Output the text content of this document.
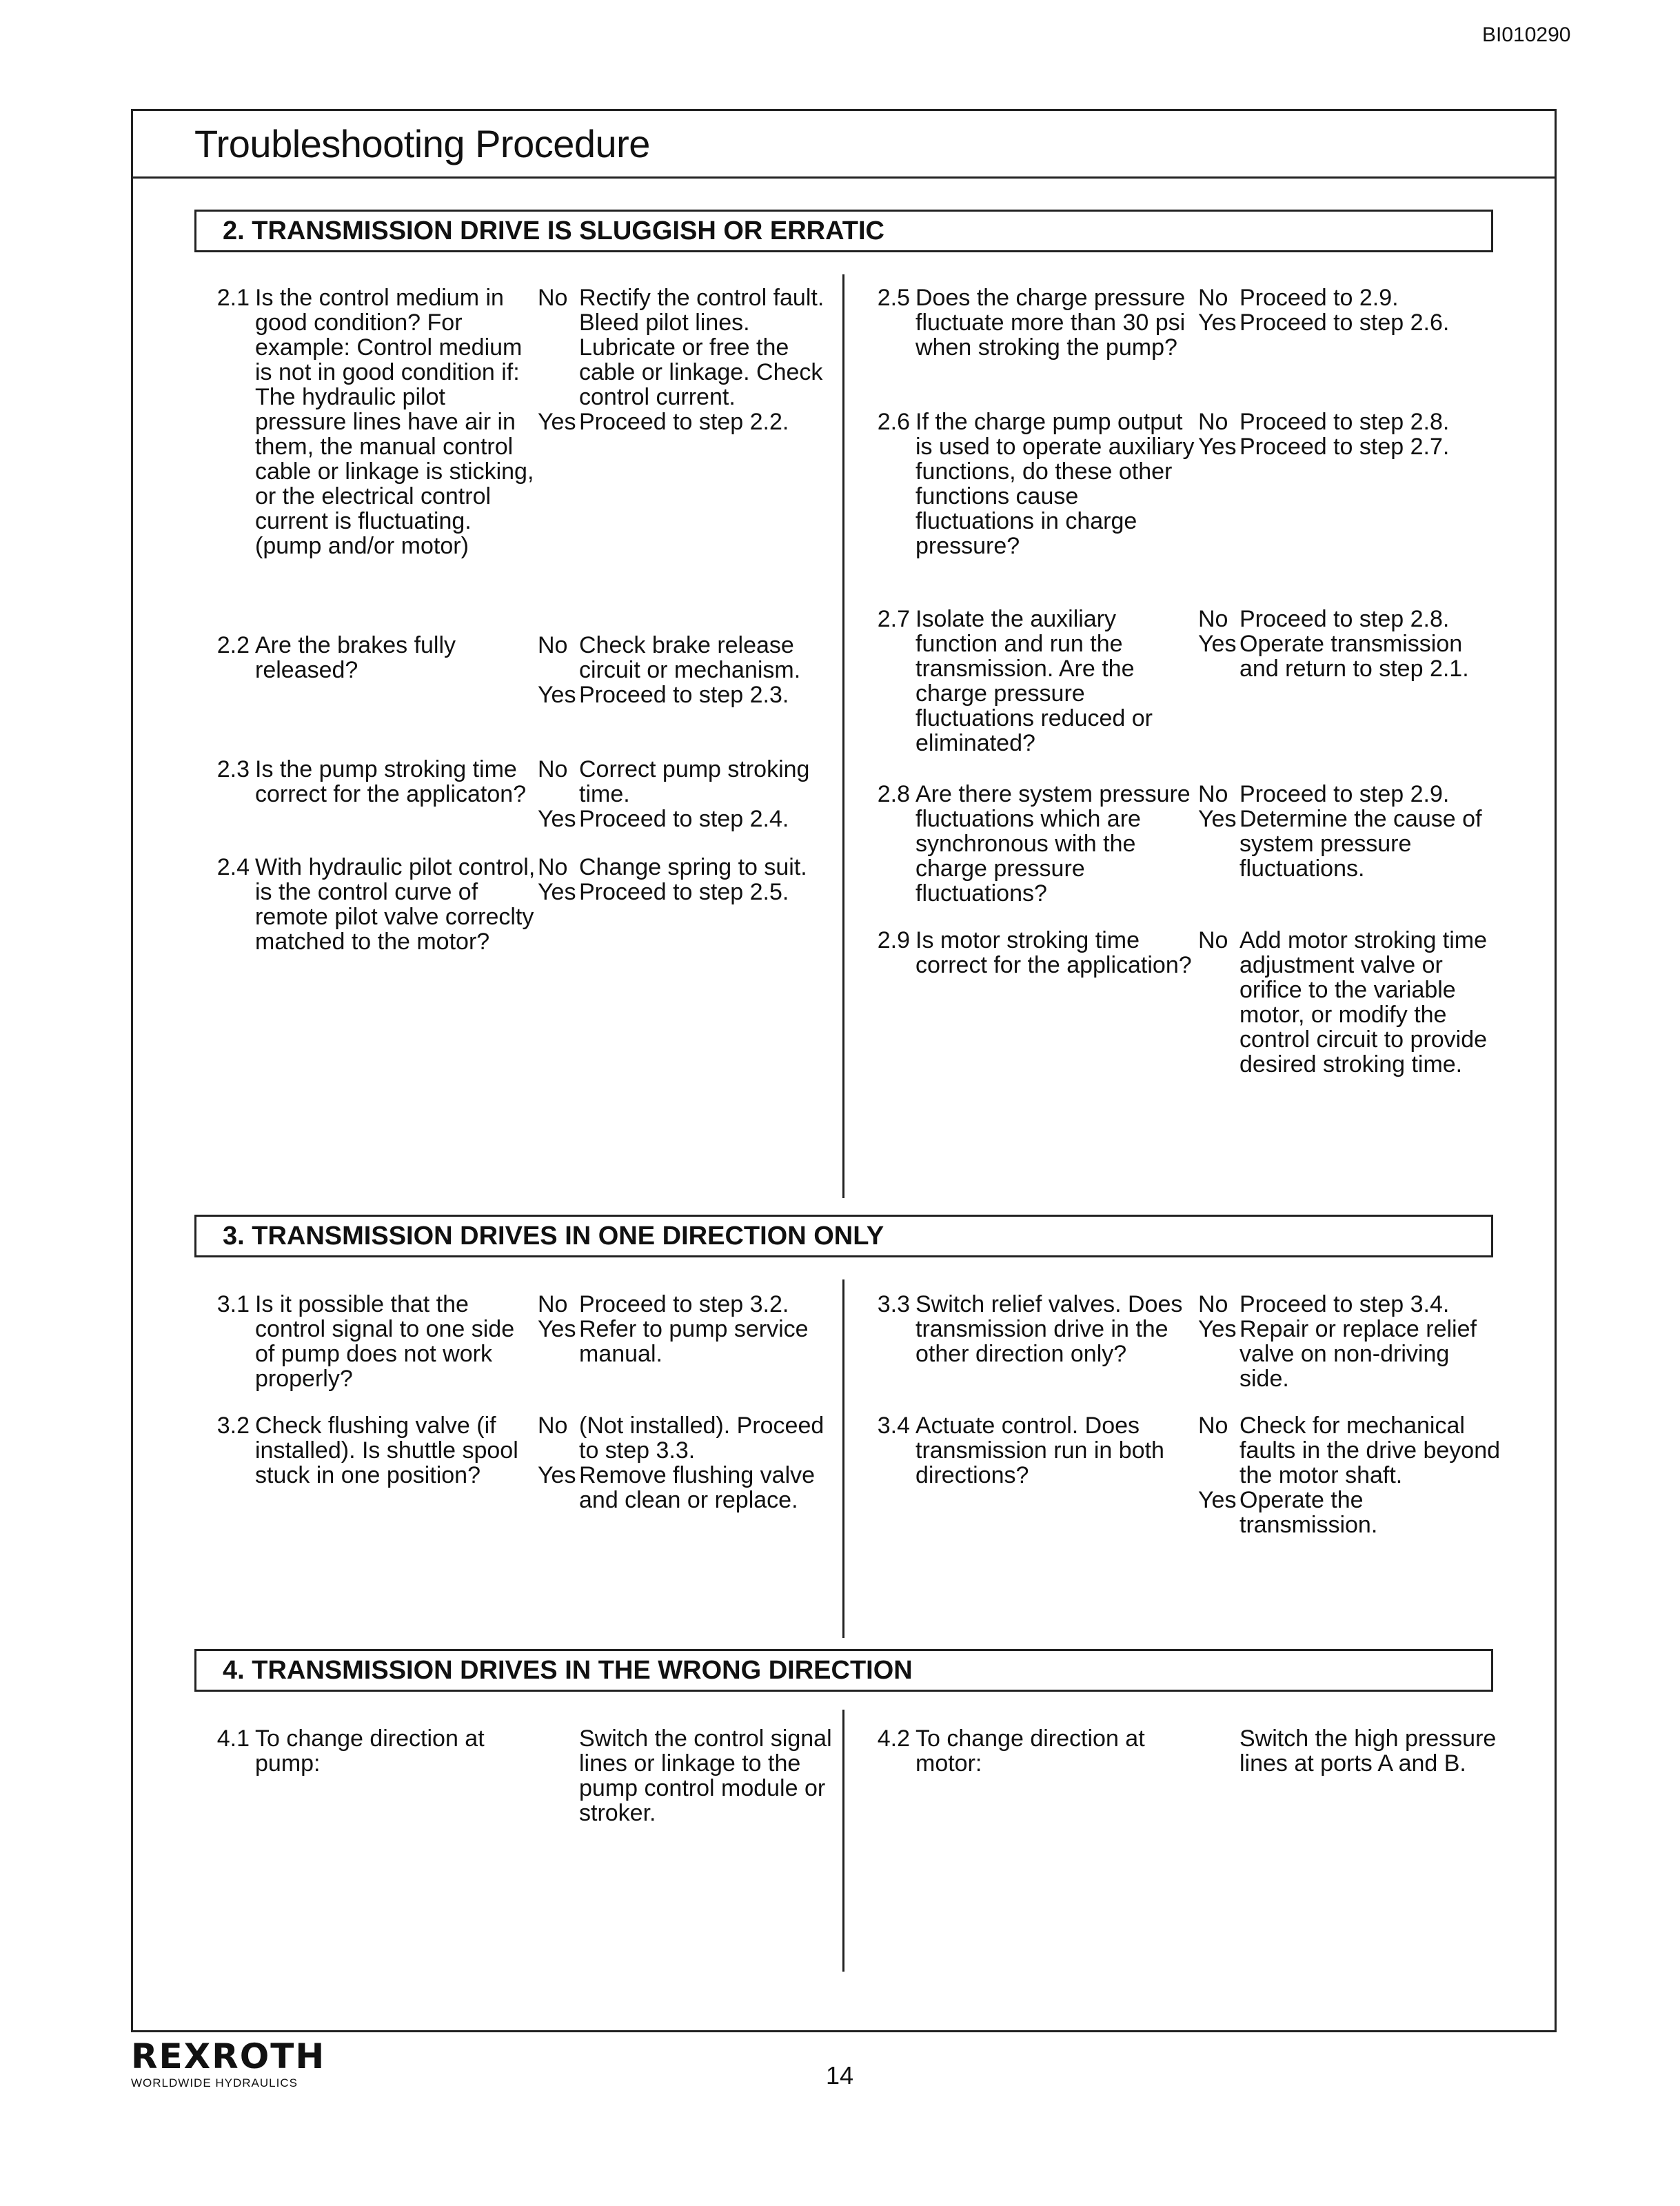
BI010290
Troubleshooting Procedure
2. TRANSMISSION DRIVE IS SLUGGISH OR ERRATIC
3. TRANSMISSION DRIVES IN ONE DIRECTION ONLY
4. TRANSMISSION DRIVES IN THE WRONG DIRECTION
2.1 Is the control medium in good condition? For example: Control medium is not in good condition if: The hydraulic pilot pressure lines have air in them, the manual control cable or linkage is sticking, or the electrical control current is fluctuating. (pump and/or motor)
No Rectify the control fault. Bleed pilot lines. Lubricate or free the cable or linkage. Check control current.
Yes Proceed to step 2.2.
2.2 Are the brakes fully released?
No Check brake release circuit or mechanism.
Yes Proceed to step 2.3.
2.3 Is the pump stroking time correct for the applicaton?
No Correct pump stroking time.
Yes Proceed to step 2.4.
2.4 With hydraulic pilot control, is the control curve of remote pilot valve correclty matched to the motor?
No Change spring to suit.
Yes Proceed to step 2.5.
2.5 Does the charge pressure fluctuate more than 30 psi when stroking the pump?
No Proceed to 2.9.
Yes Proceed to step 2.6.
2.6 If the charge pump output is used to operate auxiliary functions, do these other functions cause fluctuations in charge pressure?
No Proceed to step 2.8.
Yes Proceed to step 2.7.
2.7 Isolate the auxiliary function and run the transmission. Are the charge pressure fluctuations reduced or eliminated?
No Proceed to step 2.8.
Yes Operate transmission and return to step 2.1.
2.8 Are there system pressure fluctuations which are synchronous with the charge pressure fluctuations?
No Proceed to step 2.9.
Yes Determine the cause of system pressure fluctuations.
2.9 Is motor stroking time correct for the application?
No Add motor stroking time adjustment valve or orifice to the variable motor, or modify the control circuit to provide desired stroking time.
3.1 Is it possible that the control signal to one side of pump does not work properly?
No Proceed to step 3.2.
Yes Refer to pump service manual.
3.2 Check flushing valve (if installed). Is shuttle spool stuck in one position?
No (Not installed). Proceed to step 3.3.
Yes Remove flushing valve and clean or replace.
3.3 Switch relief valves. Does transmission drive in the other direction only?
No Proceed to step 3.4.
Yes Repair or replace relief valve on non-driving side.
3.4 Actuate control. Does transmission run in both directions?
No Check for mechanical faults in the drive beyond the motor shaft.
Yes Operate the transmission.
4.1 To change direction at pump:
Switch the control signal lines or linkage to the pump control module or stroker.
4.2 To change direction at motor:
Switch the high pressure lines at ports A and B.
REXROTH
WORLDWIDE HYDRAULICS	14
